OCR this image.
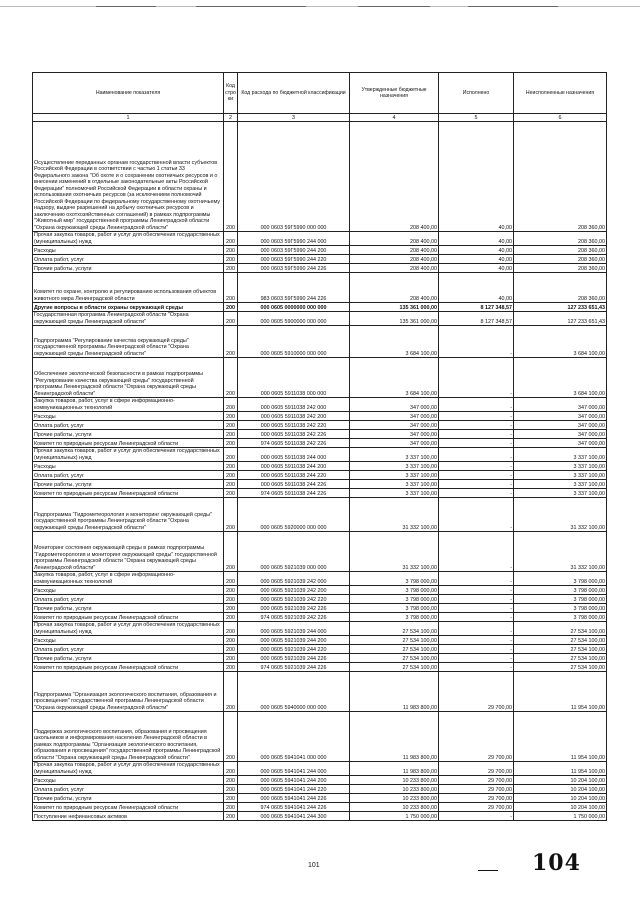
Наименование показателя	Код стро ки	Код расхода по бюджетной классификации	Утвержденные бюджетные назначения	Исполнено	Неисполненные назначения
1	2	3	4	5	6
Осуществление переданных органам государственной власти субъектов Российской Федерации в соответствии с частью 1 статьи 33 Федерального закона "Об охоте и о сохранении охотничьих ресурсов и о внесении изменений в отдельные законодательные акты Российской Федерации" полномочий Российской Федерации в области охраны и использования охотничьих ресурсов (за исключением полномочий Российской Федерации по федеральному государственному охотничьему надзору, выдаче разрешений на добычу охотничьих ресурсов и заключению охотхозяйственных соглашений) в рамках подпрограммы "Животный мир" государственной программы Ленинградской области "Охрана окружающей среды Ленинградской области"	200	000 0603 59Г5990 000 000	208 400,00	40,00	208 360,00
Прочая закупка товаров, работ и услуг для обеспечения государственных (муниципальных) нужд	200	000 0603 59Г5990 244 000	208 400,00	40,00	208 360,00
Расходы	200	000 0603 59Г5990 244 200	208 400,00	40,00	208 360,00
Оплата работ, услуг	200	000 0603 59Г5990 244 220	208 400,00	40,00	208 360,00
Прочие работы, услуги	200	000 0603 59Г5990 244 226	208 400,00	40,00	208 360,00
Комитет по охране, контролю и регулированию использования объектов животного мира Ленинградской области	200	983 0603 59Г5990 244 226	208 400,00	40,00	208 360,00
Другие вопросы в области охраны окружающей среды	200	000 0605 0000000 000 000	135 361 000,00	8 127 348,57	127 233 651,43
Государственная программа Ленинградской области "Охрана окружающей среды Ленинградской области"	200	000 0605 5900000 000 000	135 361 000,00	8 127 348,57	127 233 651,43
Подпрограмма "Регулирование качества окружающей среды" государственной программы Ленинградской области "Охрана окружающей среды Ленинградской области"	200	000 0605 5910000 000 000	3 684 100,00	-	3 684 100,00
Обеспечение экологической безопасности в рамках подпрограммы "Регулирование качества окружающей среды" государственной программы Ленинградской области "Охрана окружающей среды Ленинградской области"	200	000 0605 5911038 000 000	3 684 100,00	-	3 684 100,00
Закупка товаров, работ, услуг в сфере информационно-коммуникационных технологий	200	000 0605 5911038 242 000	347 000,00	-	347 000,00
Расходы	200	000 0605 5911038 242 200	347 000,00	-	347 000,00
Оплата работ, услуг	200	000 0605 5911038 242 220	347 000,00	-	347 000,00
Прочие работы, услуги	200	000 0605 5911038 242 226	347 000,00	-	347 000,00
Комитет по природным ресурсам Ленинградской области	200	974 0605 5911038 242 226	347 000,00	-	347 000,00
Прочая закупка товаров, работ и услуг для обеспечения государственных (муниципальных) нужд	200	000 0605 5911038 244 000	3 337 100,00	-	3 337 100,00
Расходы	200	000 0605 5911038 244 200	3 337 100,00	-	3 337 100,00
Оплата работ, услуг	200	000 0605 5911038 244 220	3 337 100,00	-	3 337 100,00
Прочие работы, услуги	200	000 0605 5911038 244 226	3 337 100,00	-	3 337 100,00
Комитет по природным ресурсам Ленинградской области	200	974 0605 5911038 244 226	3 337 100,00	-	3 337 100,00
Подпрограмма "Гидрометеорология и мониторинг окружающей среды" государственной программы Ленинградской области "Охрана окружающей среды Ленинградской области"	200	000 0605 5920000 000 000	31 332 100,00	-	31 332 100,00
Мониторинг состояния окружающей среды в рамках подпрограммы "Гидрометеорология и мониторинг окружающей среды" государственной программы Ленинградской области "Охрана окружающей среды Ленинградской области"	200	000 0605 5921039 000 000	31 332 100,00	-	31 332 100,00
Закупка товаров, работ, услуг в сфере информационно-коммуникационных технологий	200	000 0605 5921039 242 000	3 798 000,00	-	3 798 000,00
Расходы	200	000 0605 5921039 242 200	3 798 000,00	-	3 798 000,00
Оплата работ, услуг	200	000 0605 5921039 242 220	3 798 000,00	-	3 798 000,00
Прочие работы, услуги	200	000 0605 5921039 242 226	3 798 000,00	-	3 798 000,00
Комитет по природным ресурсам Ленинградской области	200	974 0605 5921039 242 226	3 798 000,00	-	3 798 000,00
Прочая закупка товаров, работ и услуг для обеспечения государственных (муниципальных) нужд	200	000 0605 5921039 244 000	27 534 100,00	-	27 534 100,00
Расходы	200	000 0605 5921039 244 200	27 534 100,00	-	27 534 100,00
Оплата работ, услуг	200	000 0605 5921039 244 220	27 534 100,00	-	27 534 100,00
Прочие работы, услуги	200	000 0605 5921039 244 226	27 534 100,00	-	27 534 100,00
Комитет по природным ресурсам Ленинградской области	200	974 0605 5921039 244 226	27 534 100,00	-	27 534 100,00
Подпрограмма "Организация экологического воспитания, образования и просвещения" государственной программы Ленинградской области "Охрана окружающей среды Ленинградской области"	200	000 0605 5940000 000 000	11 983 800,00	29 700,00	11 954 100,00
Поддержка экологического воспитания, образования и просвещения школьников и информирования населения Ленинградской области в рамках подпрограммы "Организация экологического воспитания, образования и просвещения" государственной программы Ленинградской области "Охрана окружающей среды Ленинградской области"	200	000 0605 5941041 000 000	11 983 800,00	29 700,00	11 954 100,00
Прочая закупка товаров, работ и услуг для обеспечения государственных (муниципальных) нужд	200	000 0605 5941041 244 000	11 983 800,00	29 700,00	11 954 100,00
Расходы	200	000 0605 5941041 244 200	10 233 800,00	29 700,00	10 204 100,00
Оплата работ, услуг	200	000 0605 5941041 244 220	10 233 800,00	29 700,00	10 204 100,00
Прочие работы, услуги	200	000 0605 5941041 244 226	10 233 800,00	29 700,00	10 204 100,00
Комитет по природным ресурсам Ленинградской области	200	974 0605 5941041 244 226	10 233 800,00	29 700,00	10 204 100,00
Поступление нефинансовых активов	200	000 0605 5941041 244 300	1 750 000,00	-	1 750 000,00
101	104
